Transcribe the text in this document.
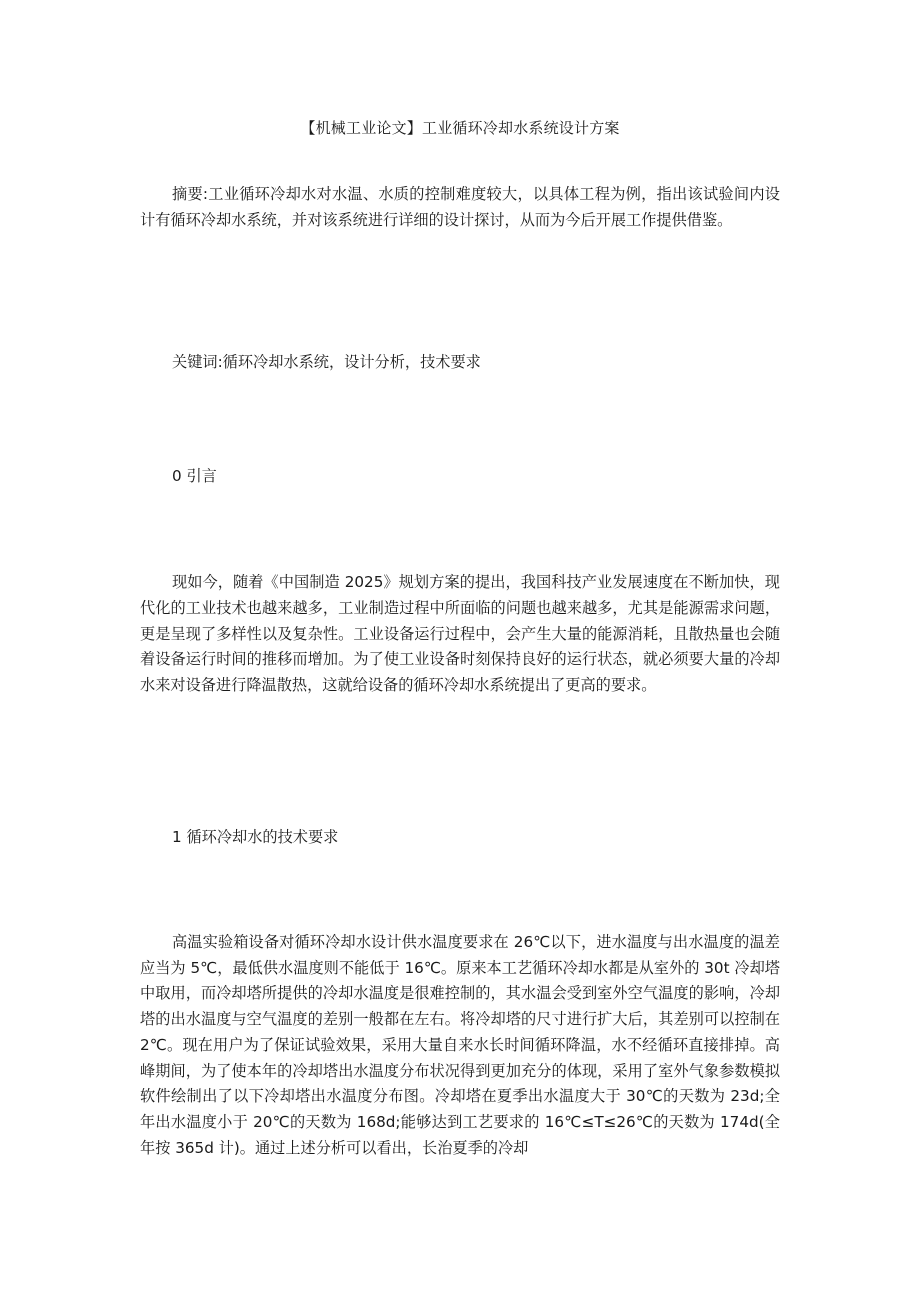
【机械工业论文】工业循环冷却水系统设计方案

摘要:工业循环冷却水对水温、水质的控制难度较大，以具体工程为例，指出该试验间内设计有循环冷却水系统，并对该系统进行详细的设计探讨，从而为今后开展工作提供借鉴。

关键词:循环冷却水系统，设计分析，技术要求

0 引言

现如今，随着《中国制造 2025》规划方案的提出，我国科技产业发展速度在不断加快，现代化的工业技术也越来越多，工业制造过程中所面临的问题也越来越多，尤其是能源需求问题，更是呈现了多样性以及复杂性。工业设备运行过程中，会产生大量的能源消耗，且散热量也会随着设备运行时间的推移而增加。为了使工业设备时刻保持良好的运行状态，就必须要大量的冷却水来对设备进行降温散热，这就给设备的循环冷却水系统提出了更高的要求。

1 循环冷却水的技术要求

高温实验箱设备对循环冷却水设计供水温度要求在 26℃以下，进水温度与出水温度的温差应当为 5℃，最低供水温度则不能低于 16℃。原来本工艺循环冷却水都是从室外的 30t 冷却塔中取用，而冷却塔所提供的冷却水温度是很难控制的，其水温会受到室外空气温度的影响，冷却塔的出水温度与空气温度的差别一般都在左右。将冷却塔的尺寸进行扩大后，其差别可以控制在 2℃。现在用户为了保证试验效果，采用大量自来水长时间循环降温，水不经循环直接排掉。高峰期间，为了使本年的冷却塔出水温度分布状况得到更加充分的体现，采用了室外气象参数模拟软件绘制出了以下冷却塔出水温度分布图。冷却塔在夏季出水温度大于 30℃的天数为 23d;全年出水温度小于 20℃的天数为 168d;能够达到工艺要求的 16℃≤T≤26℃的天数为 174d(全年按 365d 计)。通过上述分析可以看出，长治夏季的冷却
